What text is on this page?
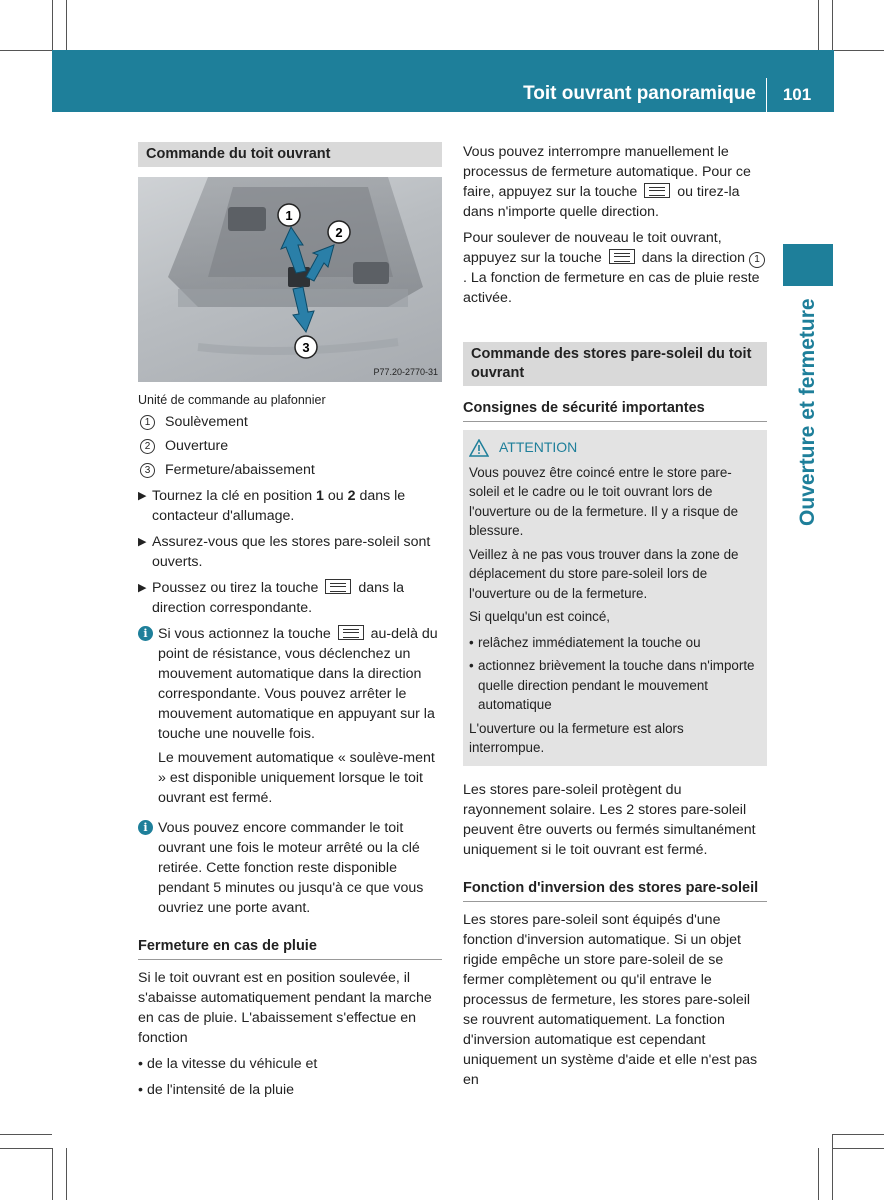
Toit ouvrant panoramique	101
Ouverture et fermeture
Commande du toit ouvrant
1
2
3
P77.20-2770-31
Unité de commande au plafonnier
1	Soulèvement
2	Ouverture
3	Fermeture/abaissement
▶ Tournez la clé en position 1 ou 2 dans le contacteur d'allumage.

▶ Assurez-vous que les stores pare-soleil sont ouverts.

▶ Poussez ou tirez la touche	dans la direction correspondante.

i Si vous actionnez la touche	au-delà du point de résistance, vous déclenchez un mouvement automatique dans la direction correspondante. Vous pouvez arrêter le mouvement automatique en appuyant sur la touche une nouvelle fois.

Le mouvement automatique « soulève-ment » est disponible uniquement lorsque le toit ouvrant est fermé.

i Vous pouvez encore commander le toit ouvrant une fois le moteur arrêté ou la clé retirée. Cette fonction reste disponible pendant 5 minutes ou jusqu'à ce que vous ouvriez une porte avant.

Fermeture en cas de pluie

Si le toit ouvrant est en position soulevée, il s'abaisse automatiquement pendant la marche en cas de pluie. L'abaissement s'effectue en fonction

• de la vitesse du véhicule et
• de l'intensité de la pluie

Vous pouvez interrompre manuellement le processus de fermeture automatique. Pour ce faire, appuyez sur la touche	ou tirez-la dans n'importe quelle direction.

Pour soulever de nouveau le toit ouvrant, appuyez sur la touche	dans la direction 1. La fonction de fermeture en cas de pluie reste activée.

Commande des stores pare-soleil du toit ouvrant
Consignes de sécurité importantes
ATTENTION

Vous pouvez être coincé entre le store pare-soleil et le cadre ou le toit ouvrant lors de l'ouverture ou de la fermeture. Il y a risque de blessure.

Veillez à ne pas vous trouver dans la zone de déplacement du store pare-soleil lors de l'ouverture ou de la fermeture.

Si quelqu'un est coincé,

• relâchez immédiatement la touche ou
• actionnez brièvement la touche dans n'importe quelle direction pendant le mouvement automatique

L'ouverture ou la fermeture est alors interrompue.

Les stores pare-soleil protègent du rayonnement solaire. Les 2 stores pare-soleil peuvent être ouverts ou fermés simultanément uniquement si le toit ouvrant est fermé.

Fonction d'inversion des stores pare-soleil

Les stores pare-soleil sont équipés d'une fonction d'inversion automatique. Si un objet rigide empêche un store pare-soleil de se fermer complètement ou qu'il entrave le processus de fermeture, les stores pare-soleil se rouvrent automatiquement. La fonction d'inversion automatique est cependant uniquement un système d'aide et elle n'est pas en
